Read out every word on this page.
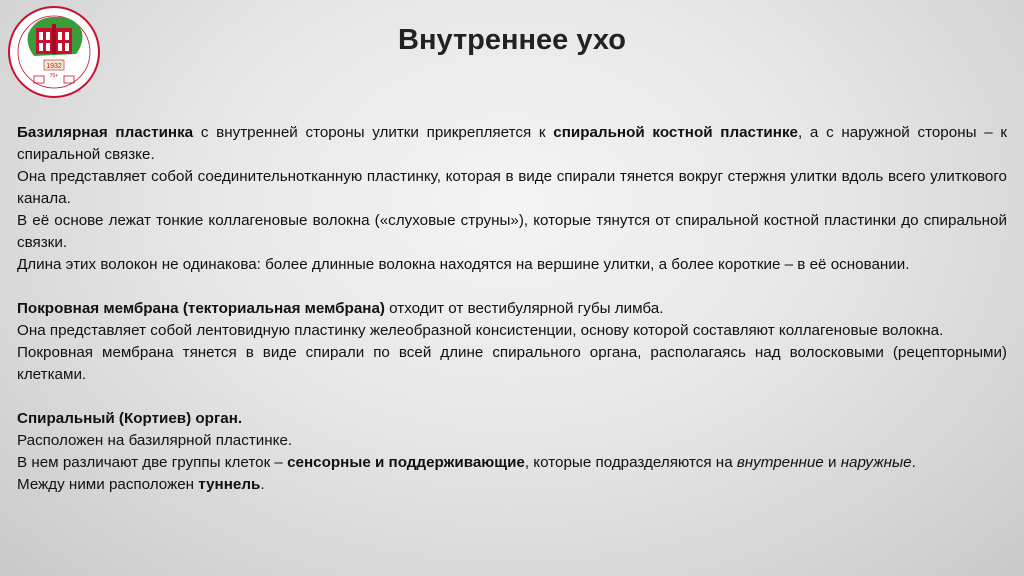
1932
70+
Внутреннее ухо

Базилярная пластинка с внутренней стороны улитки прикрепляется к спиральной костной пластинке, а с наружной стороны – к спиральной связке.

Она представляет собой соединительнотканную пластинку, которая в виде спирали тянется вокруг стержня улитки вдоль всего улиткового канала.

В её основе лежат тонкие коллагеновые волокна («слуховые струны»), которые тянутся от спиральной костной пластинки до спиральной связки.

Длина этих волокон не одинакова: более длинные волокна находятся на вершине улитки, а более короткие – в её основании.

Покровная мембрана (текториальная мембрана) отходит от вестибулярной губы лимба.

Она представляет собой лентовидную пластинку желеобразной консистенции, основу которой составляют коллагеновые волокна.

Покровная мембрана тянется в виде спирали по всей длине спирального органа, располагаясь над волосковыми (рецепторными) клетками.

Спиральный (Кортиев) орган.

Расположен на базилярной пластинке.

В нем различают две группы клеток – сенсорные и поддерживающие, которые подразделяются на внутренние и наружные.

Между ними расположен туннель.
